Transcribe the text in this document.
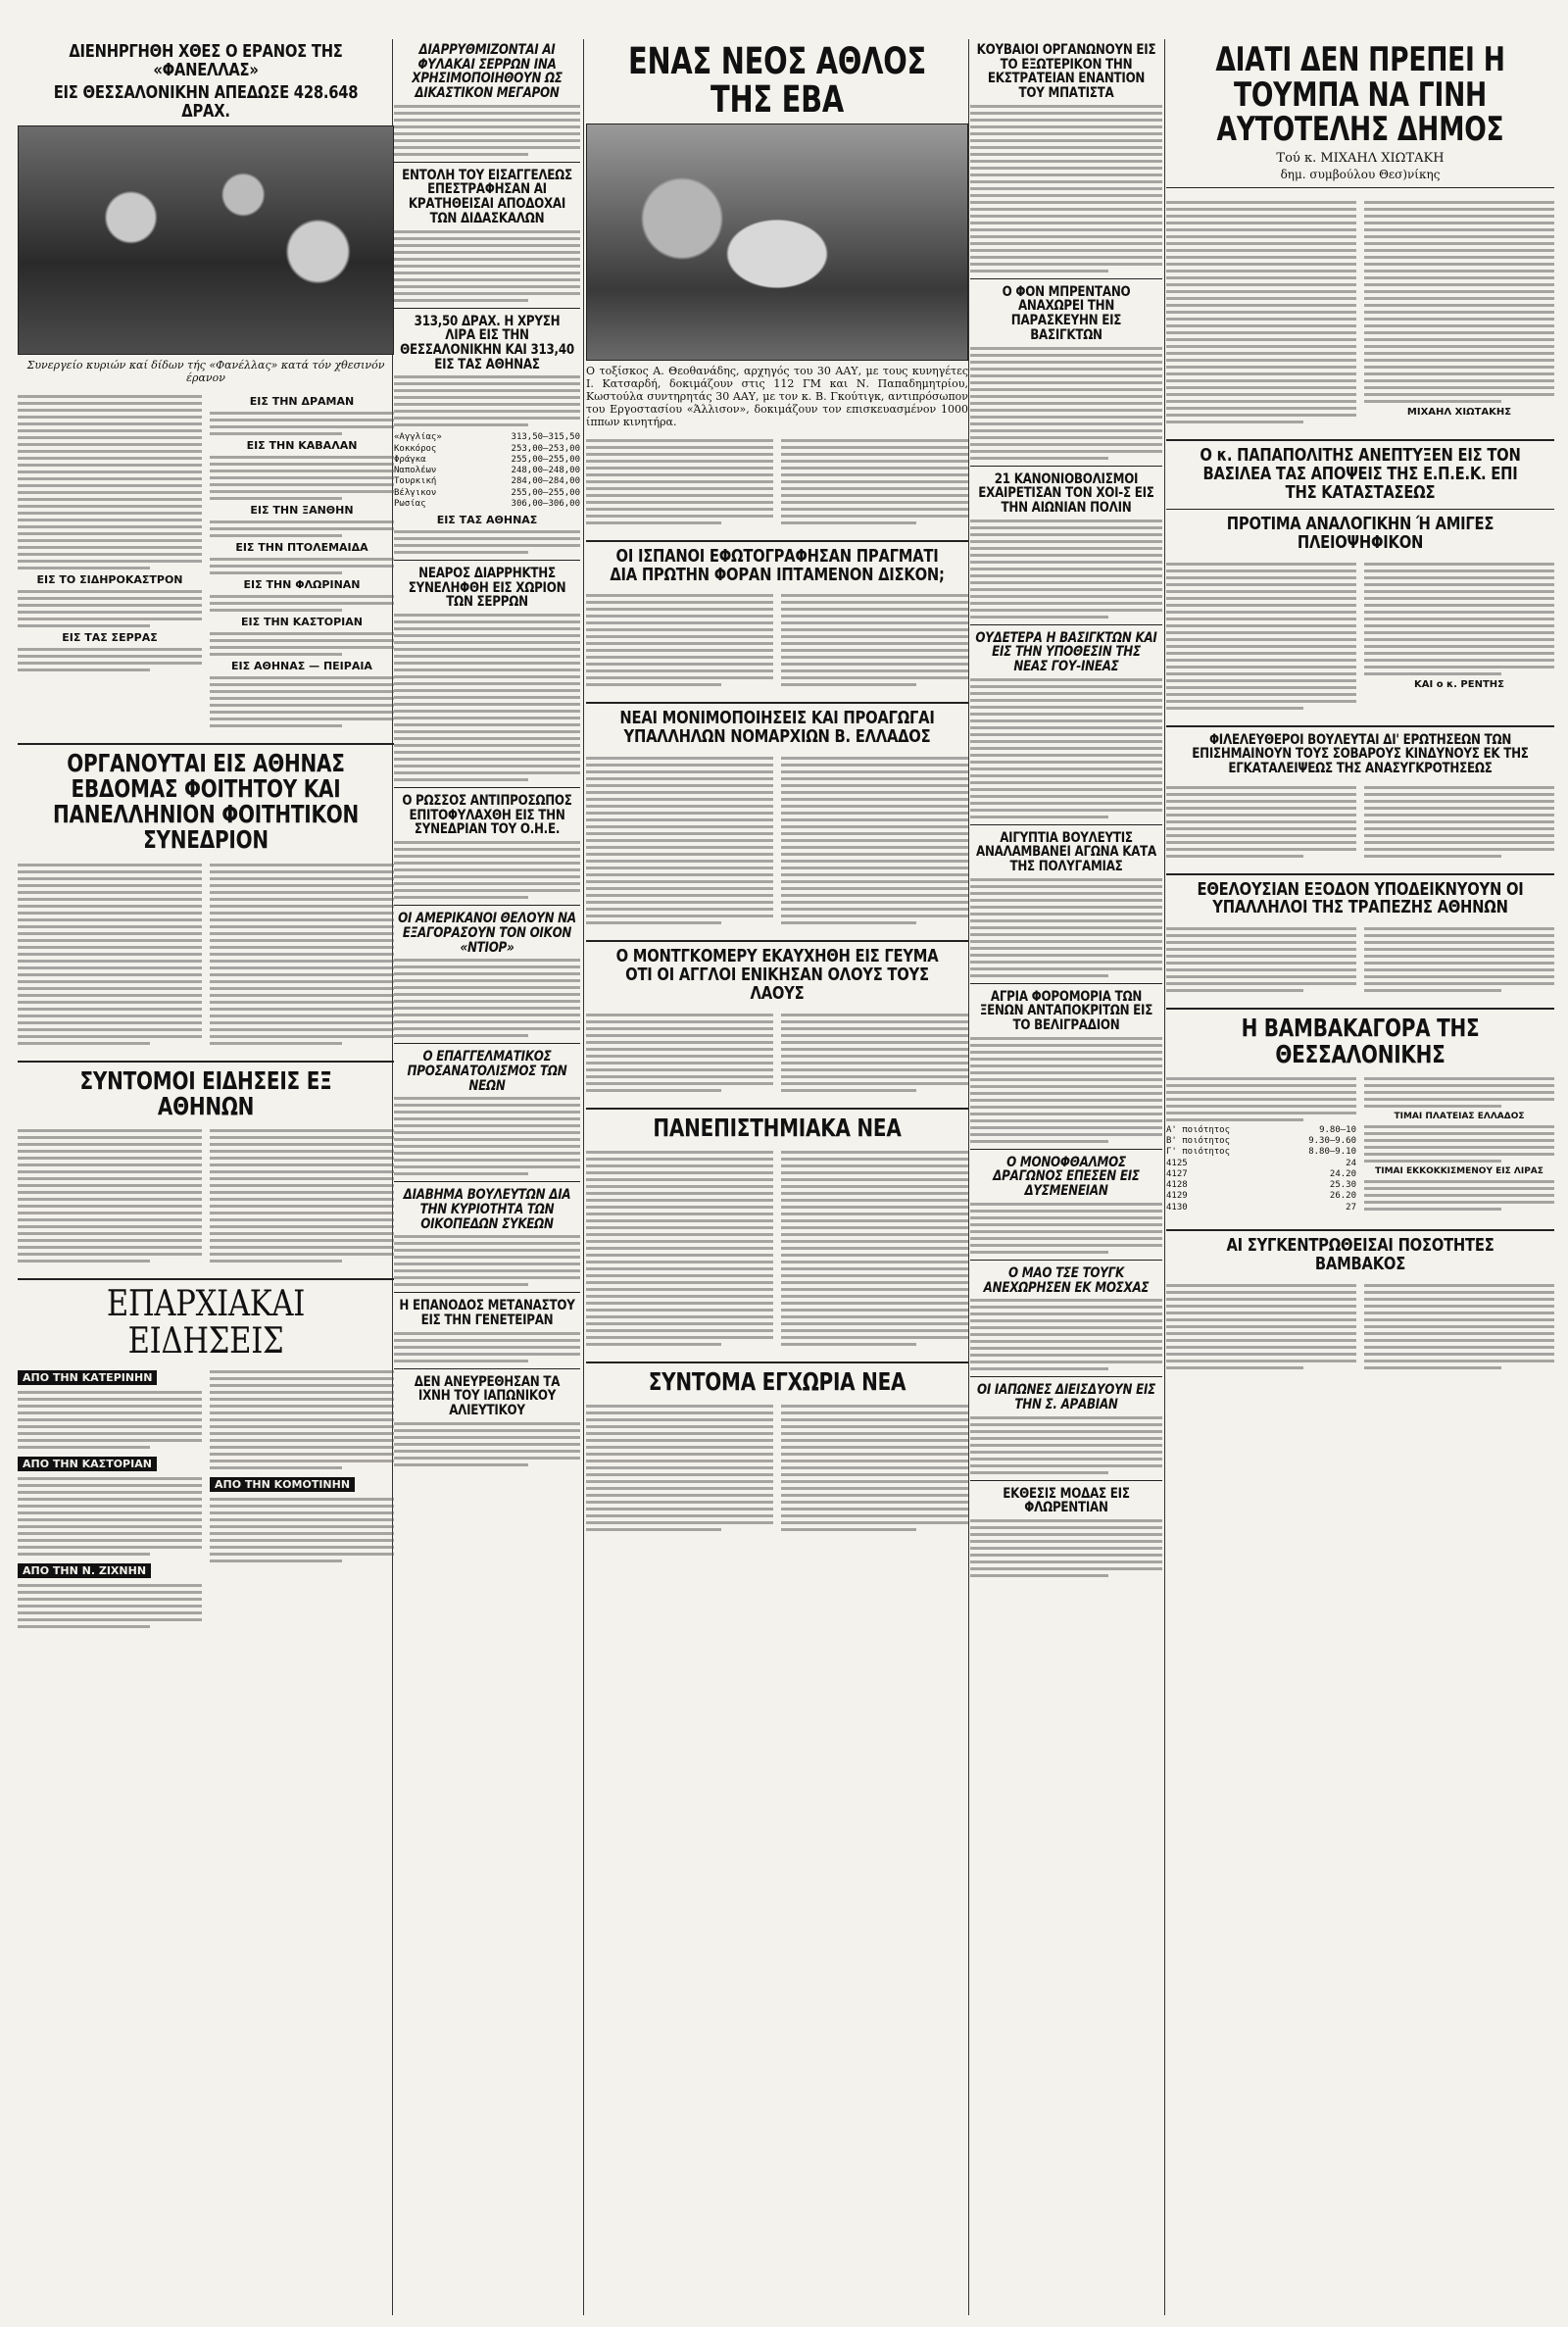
ΔΙΕΝΗΡΓΗΘΗ ΧΘΕΣ Ο ΕΡΑΝΟΣ ΤΗΣ «ΦΑΝΕΛΛΑΣ»
ΕΙΣ ΘΕΣΣΑΛΟΝΙΚΗΝ ΑΠΕΔΩΣΕ 428.648 ΔΡΑΧ.
Συνεργείο κυριών καί δίδων τής «Φανέλλας» κατά τόν χθεσινόν έρανον
ΕΙΣ ΤΟ ΣΙΔΗΡΟΚΑΣΤΡΟΝ
ΕΙΣ ΤΑΣ ΣΕΡΡΑΣ
ΕΙΣ ΤΗΝ ΔΡΑΜΑΝ
ΕΙΣ ΤΗΝ ΚΑΒΑΛΑΝ
ΕΙΣ ΤΗΝ ΞΑΝΘΗΝ
ΕΙΣ ΤΗΝ ΠΤΟΛΕΜΑΙΔΑ
ΕΙΣ ΤΗΝ ΦΛΩΡΙΝΑΝ
ΕΙΣ ΤΗΝ ΚΑΣΤΟΡΙΑΝ
ΕΙΣ ΑΘΗΝΑΣ — ΠΕΙΡΑΙΑ
ΟΡΓΑΝΟΥΤΑΙ ΕΙΣ ΑΘΗΝΑΣ ΕΒΔΟΜΑΣ ΦΟΙΤΗΤΟΥ ΚΑΙ ΠΑΝΕΛΛΗΝΙΟΝ ΦΟΙΤΗΤΙΚΟΝ ΣΥΝΕΔΡΙΟΝ
ΣΥΝΤΟΜΟΙ ΕΙΔΗΣΕΙΣ ΕΞ ΑΘΗΝΩΝ
ΕΠΑΡΧΙΑΚΑΙ ΕΙΔΗΣΕΙΣ
ΑΠΟ ΤΗΝ ΚΑΤΕΡΙΝΗΝ
ΑΠΟ ΤΗΝ ΚΑΣΤΟΡΙΑΝ
ΑΠΟ ΤΗΝ Ν. ΖΙΧΝΗΝ
ΑΠΟ ΤΗΝ ΚΟΜΟΤΙΝΗΝ
ΔΙΑΡΡΥΘΜΙΖΟΝΤΑΙ ΑΙ ΦΥΛΑΚΑΙ ΣΕΡΡΩΝ ΙΝΑ ΧΡΗΣΙΜΟΠΟΙΗΘΟΥΝ ΩΣ ΔΙΚΑΣΤΙΚΟΝ ΜΕΓΑΡΟΝ
ΕΝΤΟΛΗ ΤΟΥ ΕΙΣΑΓΓΕΛΕΩΣ ΕΠΕΣΤΡΑΦΗΣΑΝ ΑΙ ΚΡΑΤΗΘΕΙΣΑΙ ΑΠΟΔΟΧΑΙ ΤΩΝ ΔΙΔΑΣΚΑΛΩΝ
313,50 ΔΡΑΧ. Η ΧΡΥΣΗ ΛΙΡΑ ΕΙΣ ΤΗΝ ΘΕΣΣΑΛΟΝΙΚΗΝ ΚΑΙ 313,40 ΕΙΣ ΤΑΣ ΑΘΗΝΑΣ
«Αγγλίας»	313,50—315,50
Κοκκόρος	253,00—253,00
Φράγκα	255,00—255,00
Ναπολέων	248,00—248,00
Τουρκική	284,00—284,00
Βέλγικον	255,00—255,00
Ρωσίας	306,00—306,00
ΕΙΣ ΤΑΣ ΑΘΗΝΑΣ
ΝΕΑΡΟΣ ΔΙΑΡΡΗΚΤΗΣ ΣΥΝΕΛΗΦΘΗ ΕΙΣ ΧΩΡΙΟΝ ΤΩΝ ΣΕΡΡΩΝ
Ο ΡΩΣΣΟΣ ΑΝΤΙΠΡΟΣΩΠΟΣ ΕΠΙΤΟΦΥΛΑΧΘΗ ΕΙΣ ΤΗΝ ΣΥΝΕΔΡΙΑΝ ΤΟΥ Ο.Η.Ε.
ΟΙ ΑΜΕΡΙΚΑΝΟΙ ΘΕΛΟΥΝ ΝΑ ΕΞΑΓΟΡΑΣΟΥΝ ΤΟΝ ΟΙΚΟΝ «ΝΤΙΟΡ»
Ο ΕΠΑΓΓΕΛΜΑΤΙΚΟΣ ΠΡΟΣΑΝΑΤΟΛΙΣΜΟΣ ΤΩΝ ΝΕΩΝ
ΔΙΑΒΗΜΑ ΒΟΥΛΕΥΤΩΝ ΔΙΑ ΤΗΝ ΚΥΡΙΟΤΗΤΑ ΤΩΝ ΟΙΚΟΠΕΔΩΝ ΣΥΚΕΩΝ
Η ΕΠΑΝΟΔΟΣ ΜΕΤΑΝΑΣΤΟΥ ΕΙΣ ΤΗΝ ΓΕΝΕΤΕΙΡΑΝ
ΔΕΝ ΑΝΕΥΡΕΘΗΣΑΝ ΤΑ ΙΧΝΗ ΤΟΥ ΙΑΠΩΝΙΚΟΥ ΑΛΙΕΥΤΙΚΟΥ
ΕΝΑΣ ΝΕΟΣ ΑΘΛΟΣ ΤΗΣ ΕΒΑ
Ο τοξίσκος Α. Θεοθανάδης, αρχηγός του 30 ΑΑΥ, με τους κυνηγέτες Ι. Κατσαρδή, δοκιμάζουν στις 112 ΓΜ και Ν. Παπαδημητρίου, Κωστούλα συντηρητάς 30 ΑΑΥ, με τον κ. Β. Γκούτιγκ, αντιπρόσωπον του Εργοστασίου «Άλλισον», δοκιμάζουν τον επισκευασμένον 1000 ίππων κινητήρα.
ΟΙ ΙΣΠΑΝΟΙ ΕΦΩΤΟΓΡΑΦΗΣΑΝ ΠΡΑΓΜΑΤΙ ΔΙΑ ΠΡΩΤΗΝ ΦΟΡΑΝ ΙΠΤΑΜΕΝΟΝ ΔΙΣΚΟΝ;
ΝΕΑΙ ΜΟΝΙΜΟΠΟΙΗΣΕΙΣ ΚΑΙ ΠΡΟΑΓΩΓΑΙ ΥΠΑΛΛΗΛΩΝ ΝΟΜΑΡΧΙΩΝ Β. ΕΛΛΑΔΟΣ
Ο ΜΟΝΤΓΚΟΜΕΡΥ ΕΚΑΥΧΗΘΗ ΕΙΣ ΓΕΥΜΑ ΟΤΙ ΟΙ ΑΓΓΛΟΙ ΕΝΙΚΗΣΑΝ ΟΛΟΥΣ ΤΟΥΣ ΛΑΟΥΣ
ΠΑΝΕΠΙΣΤΗΜΙΑΚΑ ΝΕΑ
ΣΥΝΤΟΜΑ ΕΓΧΩΡΙΑ ΝΕΑ
ΚΟΥΒΑΙΟΙ ΟΡΓΑΝΩΝΟΥΝ ΕΙΣ ΤΟ ΕΞΩΤΕΡΙΚΟΝ ΤΗΝ ΕΚΣΤΡΑΤΕΙΑΝ ΕΝΑΝΤΙΟΝ ΤΟΥ ΜΠΑΤΙΣΤΑ
Ο ΦΟΝ ΜΠΡΕΝΤΑΝΟ ΑΝΑΧΩΡΕΙ ΤΗΝ ΠΑΡΑΣΚΕΥΗΝ ΕΙΣ ΒΑΣΙΓΚΤΩΝ
21 ΚΑΝΟΝΙΟΒΟΛΙΣΜΟΙ ΕΧΑΙΡΕΤΙΣΑΝ ΤΟΝ ΧΟΙ-Σ ΕΙΣ ΤΗΝ ΑΙΩΝΙΑΝ ΠΟΛΙΝ
ΟΥΔΕΤΕΡΑ Η ΒΑΣΙΓΚΤΩΝ ΚΑΙ ΕΙΣ ΤΗΝ ΥΠΟΘΕΣΙΝ ΤΗΣ ΝΕΑΣ ΓΟΥ-ΙΝΕΑΣ
ΑΙΓΥΠΤΙΑ ΒΟΥΛΕΥΤΙΣ ΑΝΑΛΑΜΒΑΝΕΙ ΑΓΩΝΑ ΚΑΤΑ ΤΗΣ ΠΟΛΥΓΑΜΙΑΣ
ΑΓΡΙΑ ΦΟΡΟΜΟΡΙΑ ΤΩΝ ΞΕΝΩΝ ΑΝΤΑΠΟΚΡΙΤΩΝ ΕΙΣ ΤΟ ΒΕΛΙΓΡΑΔΙΟΝ
Ο ΜΟΝΟΦΘΑΛΜΟΣ ΔΡΑΓΩΝΟΣ ΕΠΕΣΕΝ ΕΙΣ ΔΥΣΜΕΝΕΙΑΝ
Ο ΜΑΟ ΤΣΕ ΤΟΥΓΚ ΑΝΕΧΩΡΗΣΕΝ ΕΚ ΜΟΣΧΑΣ
ΟΙ ΙΑΠΩΝΕΣ ΔΙΕΙΣΔΥΟΥΝ ΕΙΣ ΤΗΝ Σ. ΑΡΑΒΙΑΝ
ΕΚΘΕΣΙΣ ΜΟΔΑΣ ΕΙΣ ΦΛΩΡΕΝΤΙΑΝ
ΔΙΑΤΙ ΔΕΝ ΠΡΕΠΕΙ Η ΤΟΥΜΠΑ ΝΑ ΓΙΝΗ ΑΥΤΟΤΕΛΗΣ ΔΗΜΟΣ
Τού κ. ΜΙΧΑΗΛ ΧΙΩΤΑΚΗ
δημ. συμβούλου Θεσ)νίκης
ΜΙΧΑΗΛ ΧΙΩΤΑΚΗΣ
Ο κ. ΠΑΠΑΠΟΛΙΤΗΣ ΑΝΕΠΤΥΞΕΝ ΕΙΣ ΤΟΝ ΒΑΣΙΛΕΑ ΤΑΣ ΑΠΟΨΕΙΣ ΤΗΣ Ε.Π.Ε.Κ. ΕΠΙ ΤΗΣ ΚΑΤΑΣΤΑΣΕΩΣ
ΠΡΟΤΙΜΑ ΑΝΑΛΟΓΙΚΗΝ Ή ΑΜΙΓΕΣ ΠΛΕΙΟΨΗΦΙΚΟΝ
ΚΑΙ ο κ. ΡΕΝΤΗΣ
ΦΙΛΕΛΕΥΘΕΡΟΙ ΒΟΥΛΕΥΤΑΙ ΔΙ' ΕΡΩΤΗΣΕΩΝ ΤΩΝ ΕΠΙΣΗΜΑΙΝΟΥΝ ΤΟΥΣ ΣΟΒΑΡΟΥΣ ΚΙΝΔΥΝΟΥΣ ΕΚ ΤΗΣ ΕΓΚΑΤΑΛΕΙΨΕΩΣ ΤΗΣ ΑΝΑΣΥΓΚΡΟΤΗΣΕΩΣ
ΕΘΕΛΟΥΣΙΑΝ ΕΞΟΔΟΝ ΥΠΟΔΕΙΚΝΥΟΥΝ ΟΙ ΥΠΑΛΛΗΛΟΙ ΤΗΣ ΤΡΑΠΕΖΗΣ ΑΘΗΝΩΝ
Η ΒΑΜΒΑΚΑΓΟΡΑ ΤΗΣ ΘΕΣΣΑΛΟΝΙΚΗΣ
Α' ποιότητος	9.80—10
Β' ποιότητος	9.30—9.60
Γ' ποιότητος	8.80—9.10
4125	24
4127	24.20
4128	25.30
4129	26.20
4130	27
ΤΙΜΑΙ ΠΛΑΤΕΙΑΣ ΕΛΛΑΔΟΣ
ΤΙΜΑΙ ΕΚΚΟΚΚΙΣΜΕΝΟΥ ΕΙΣ ΛΙΡΑΣ
ΑΙ ΣΥΓΚΕΝΤΡΩΘΕΙΣΑΙ ΠΟΣΟΤΗΤΕΣ ΒΑΜΒΑΚΟΣ
